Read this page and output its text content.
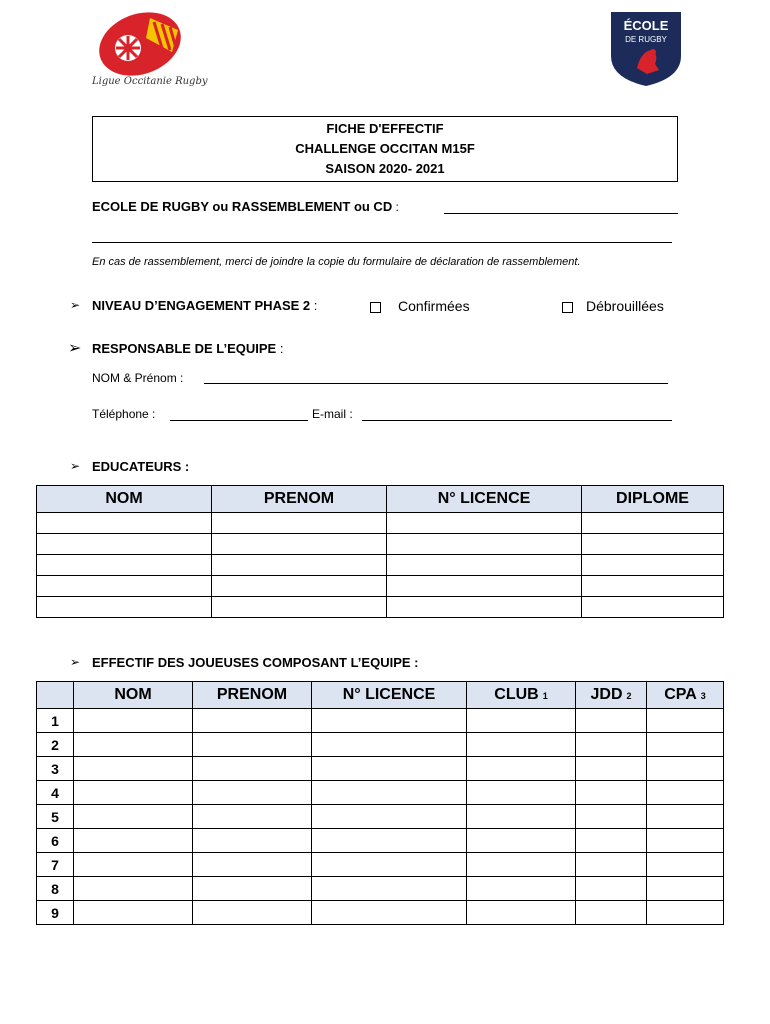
Ligue Occitanie Rugby
ÉCOLE
DE RUGBY
FICHE D'EFFECTIF
CHALLENGE OCCITAN M15F
SAISON 2020- 2021
ECOLE DE RUGBY ou RASSEMBLEMENT ou CD :
En cas de rassemblement, merci de joindre la copie du formulaire de déclaration de rassemblement.
➢ NIVEAU D’ENGAGEMENT PHASE 2 :	Confirmées	Débrouillées
➢ RESPONSABLE DE L’EQUIPE :
NOM & Prénom :
Téléphone :	E-mail :
➢ EDUCATEURS :
NOM	PRENOM	N° LICENCE	DIPLOME

➢ EFFECTIF DES JOUEUSES COMPOSANT L’EQUIPE :
	NOM	PRENOM	N° LICENCE	CLUB 1	JDD 2	CPA 3
1						
2						
3						
4						
5						
6						
7						
8						
9						
